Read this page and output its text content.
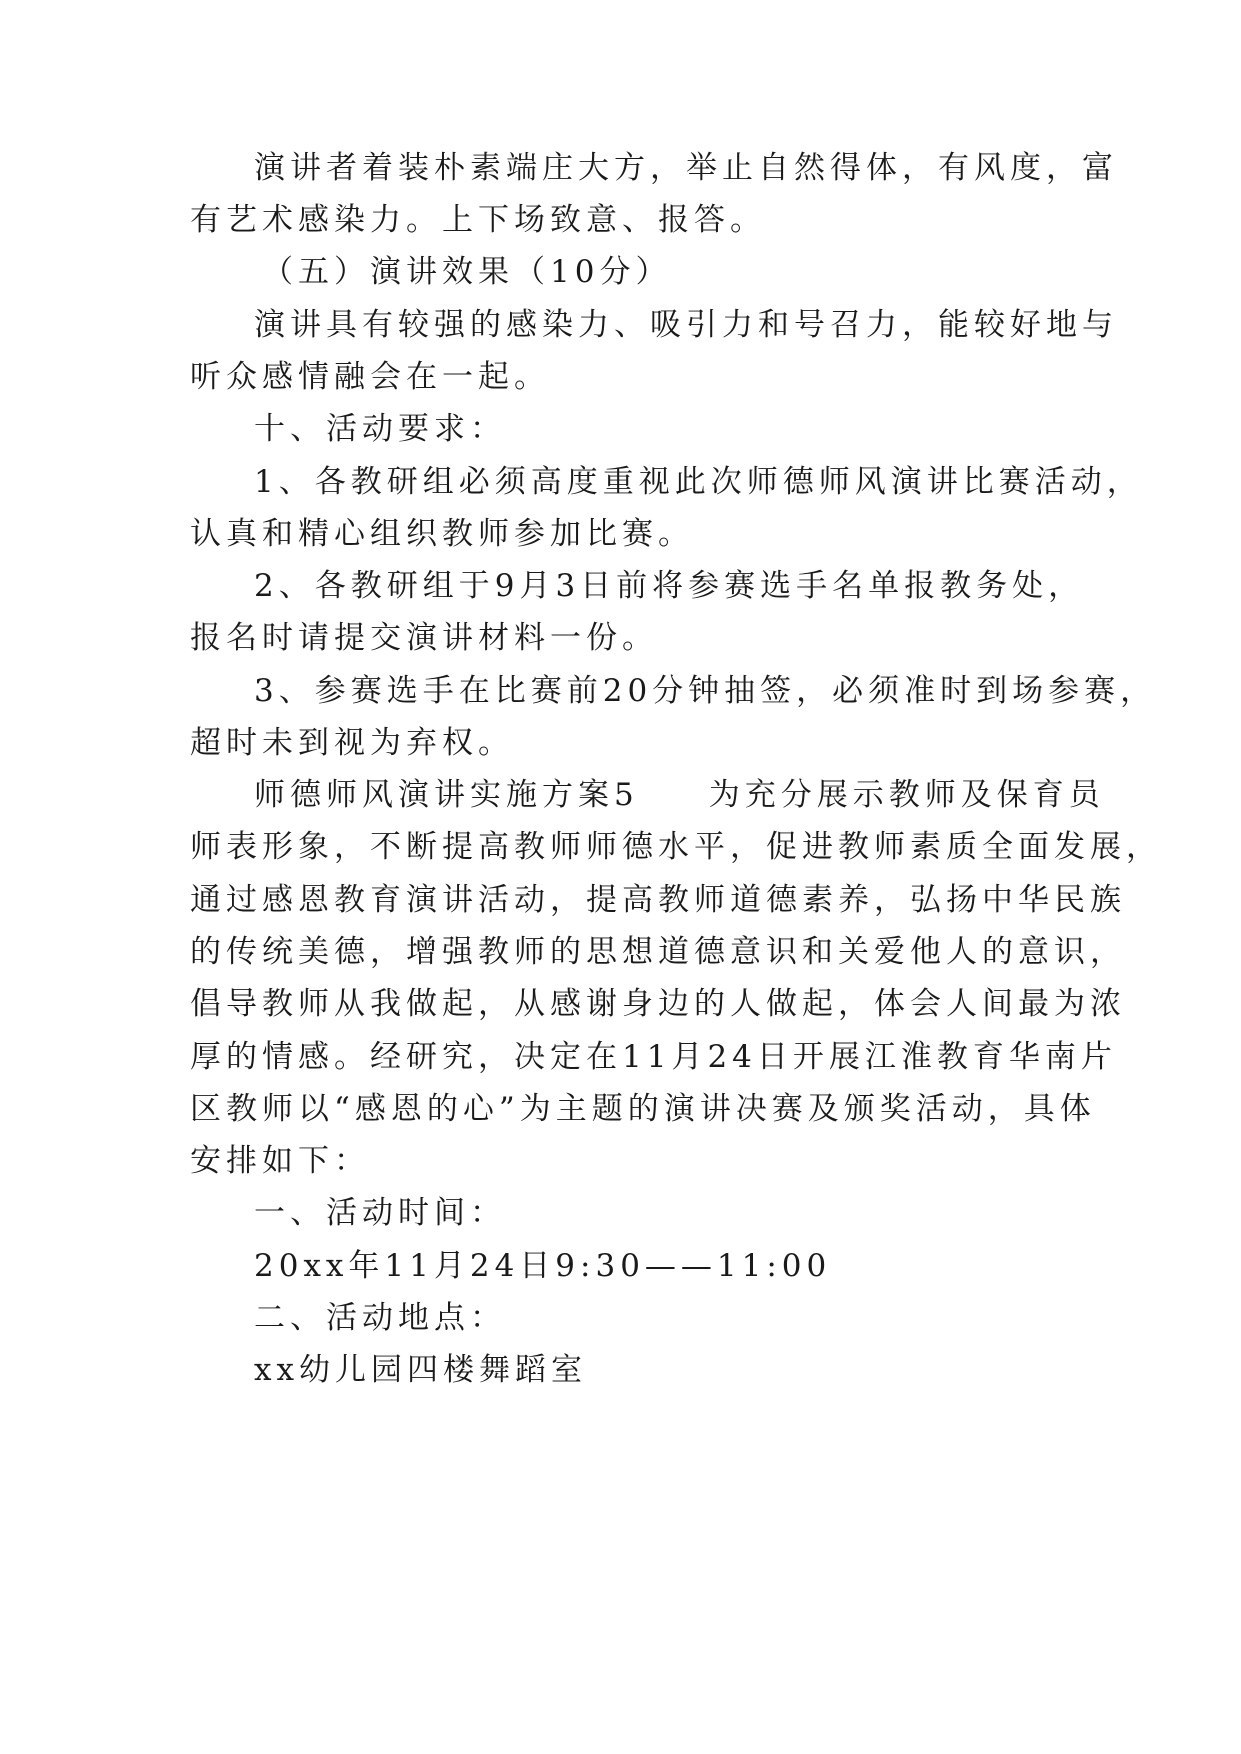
演讲者着装朴素端庄大方，举止自然得体，有风度，富
有艺术感染力。上下场致意、报答。
（五）演讲效果（10分）
演讲具有较强的感染力、吸引力和号召力，能较好地与
听众感情融会在一起。
十、活动要求：
1、各教研组必须高度重视此次师德师风演讲比赛活动，
认真和精心组织教师参加比赛。
2、各教研组于9月3日前将参赛选手名单报教务处，
报名时请提交演讲材料一份。
3、参赛选手在比赛前20分钟抽签，必须准时到场参赛，
超时未到视为弃权。
师德师风演讲实施方案5 为充分展示教师及保育员
师表形象，不断提高教师师德水平，促进教师素质全面发展，
通过感恩教育演讲活动，提高教师道德素养，弘扬中华民族
的传统美德，增强教师的思想道德意识和关爱他人的意识，
倡导教师从我做起，从感谢身边的人做起，体会人间最为浓
厚的情感。经研究，决定在11月24日开展江淮教育华南片
区教师以“感恩的心”为主题的演讲决赛及颁奖活动，具体
安排如下：
一、活动时间：
20xx年11月24日9:30——11:00
二、活动地点：
xx幼儿园四楼舞蹈室
